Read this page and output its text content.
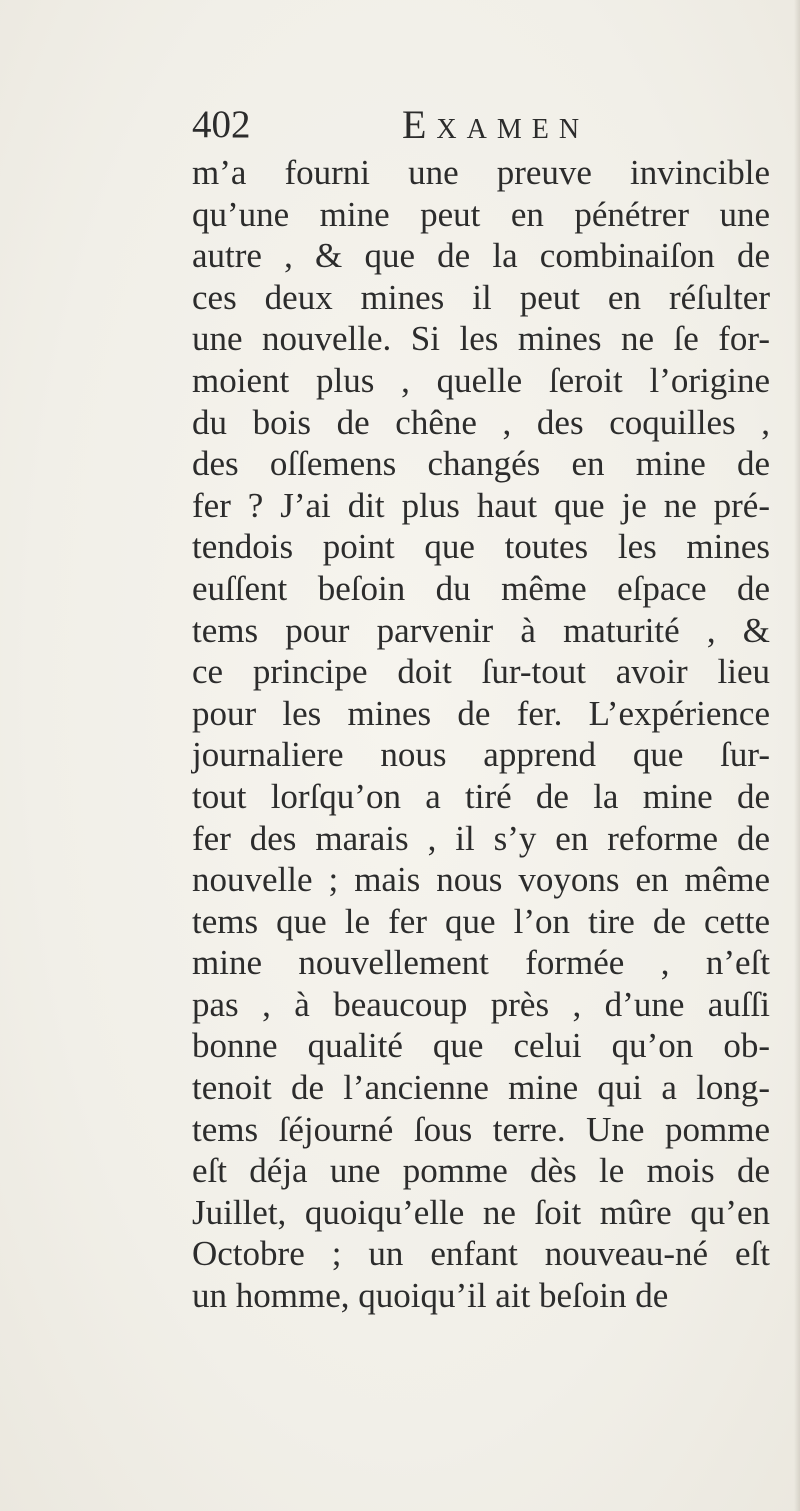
402	Examen
m’a fourni une preuve invincible
qu’une mine peut en pénétrer une
autre , & que de la combinaiſon de
ces deux mines il peut en réſulter
une nouvelle. Si les mines ne ſe for-
moient plus , quelle ſeroit l’origine
du bois de chêne , des coquilles ,
des oſſemens changés en mine de
fer ? J’ai dit plus haut que je ne pré-
tendois point que toutes les mines
euſſent beſoin du même eſpace de
tems pour parvenir à maturité , &
ce principe doit ſur-tout avoir lieu
pour les mines de fer. L’expérience
journaliere nous apprend que ſur-
tout lorſqu’on a tiré de la mine de
fer des marais , il s’y en reforme de
nouvelle ; mais nous voyons en même
tems que le fer que l’on tire de cette
mine nouvellement formée , n’eſt
pas , à beaucoup près , d’une auſſi
bonne qualité que celui qu’on ob-
tenoit de l’ancienne mine qui a long-
tems ſéjourné ſous terre. Une pomme
eſt déja une pomme dès le mois de
Juillet, quoiqu’elle ne ſoit mûre qu’en
Octobre ; un enfant nouveau-né eſt
un homme, quoiqu’il ait beſoin de
